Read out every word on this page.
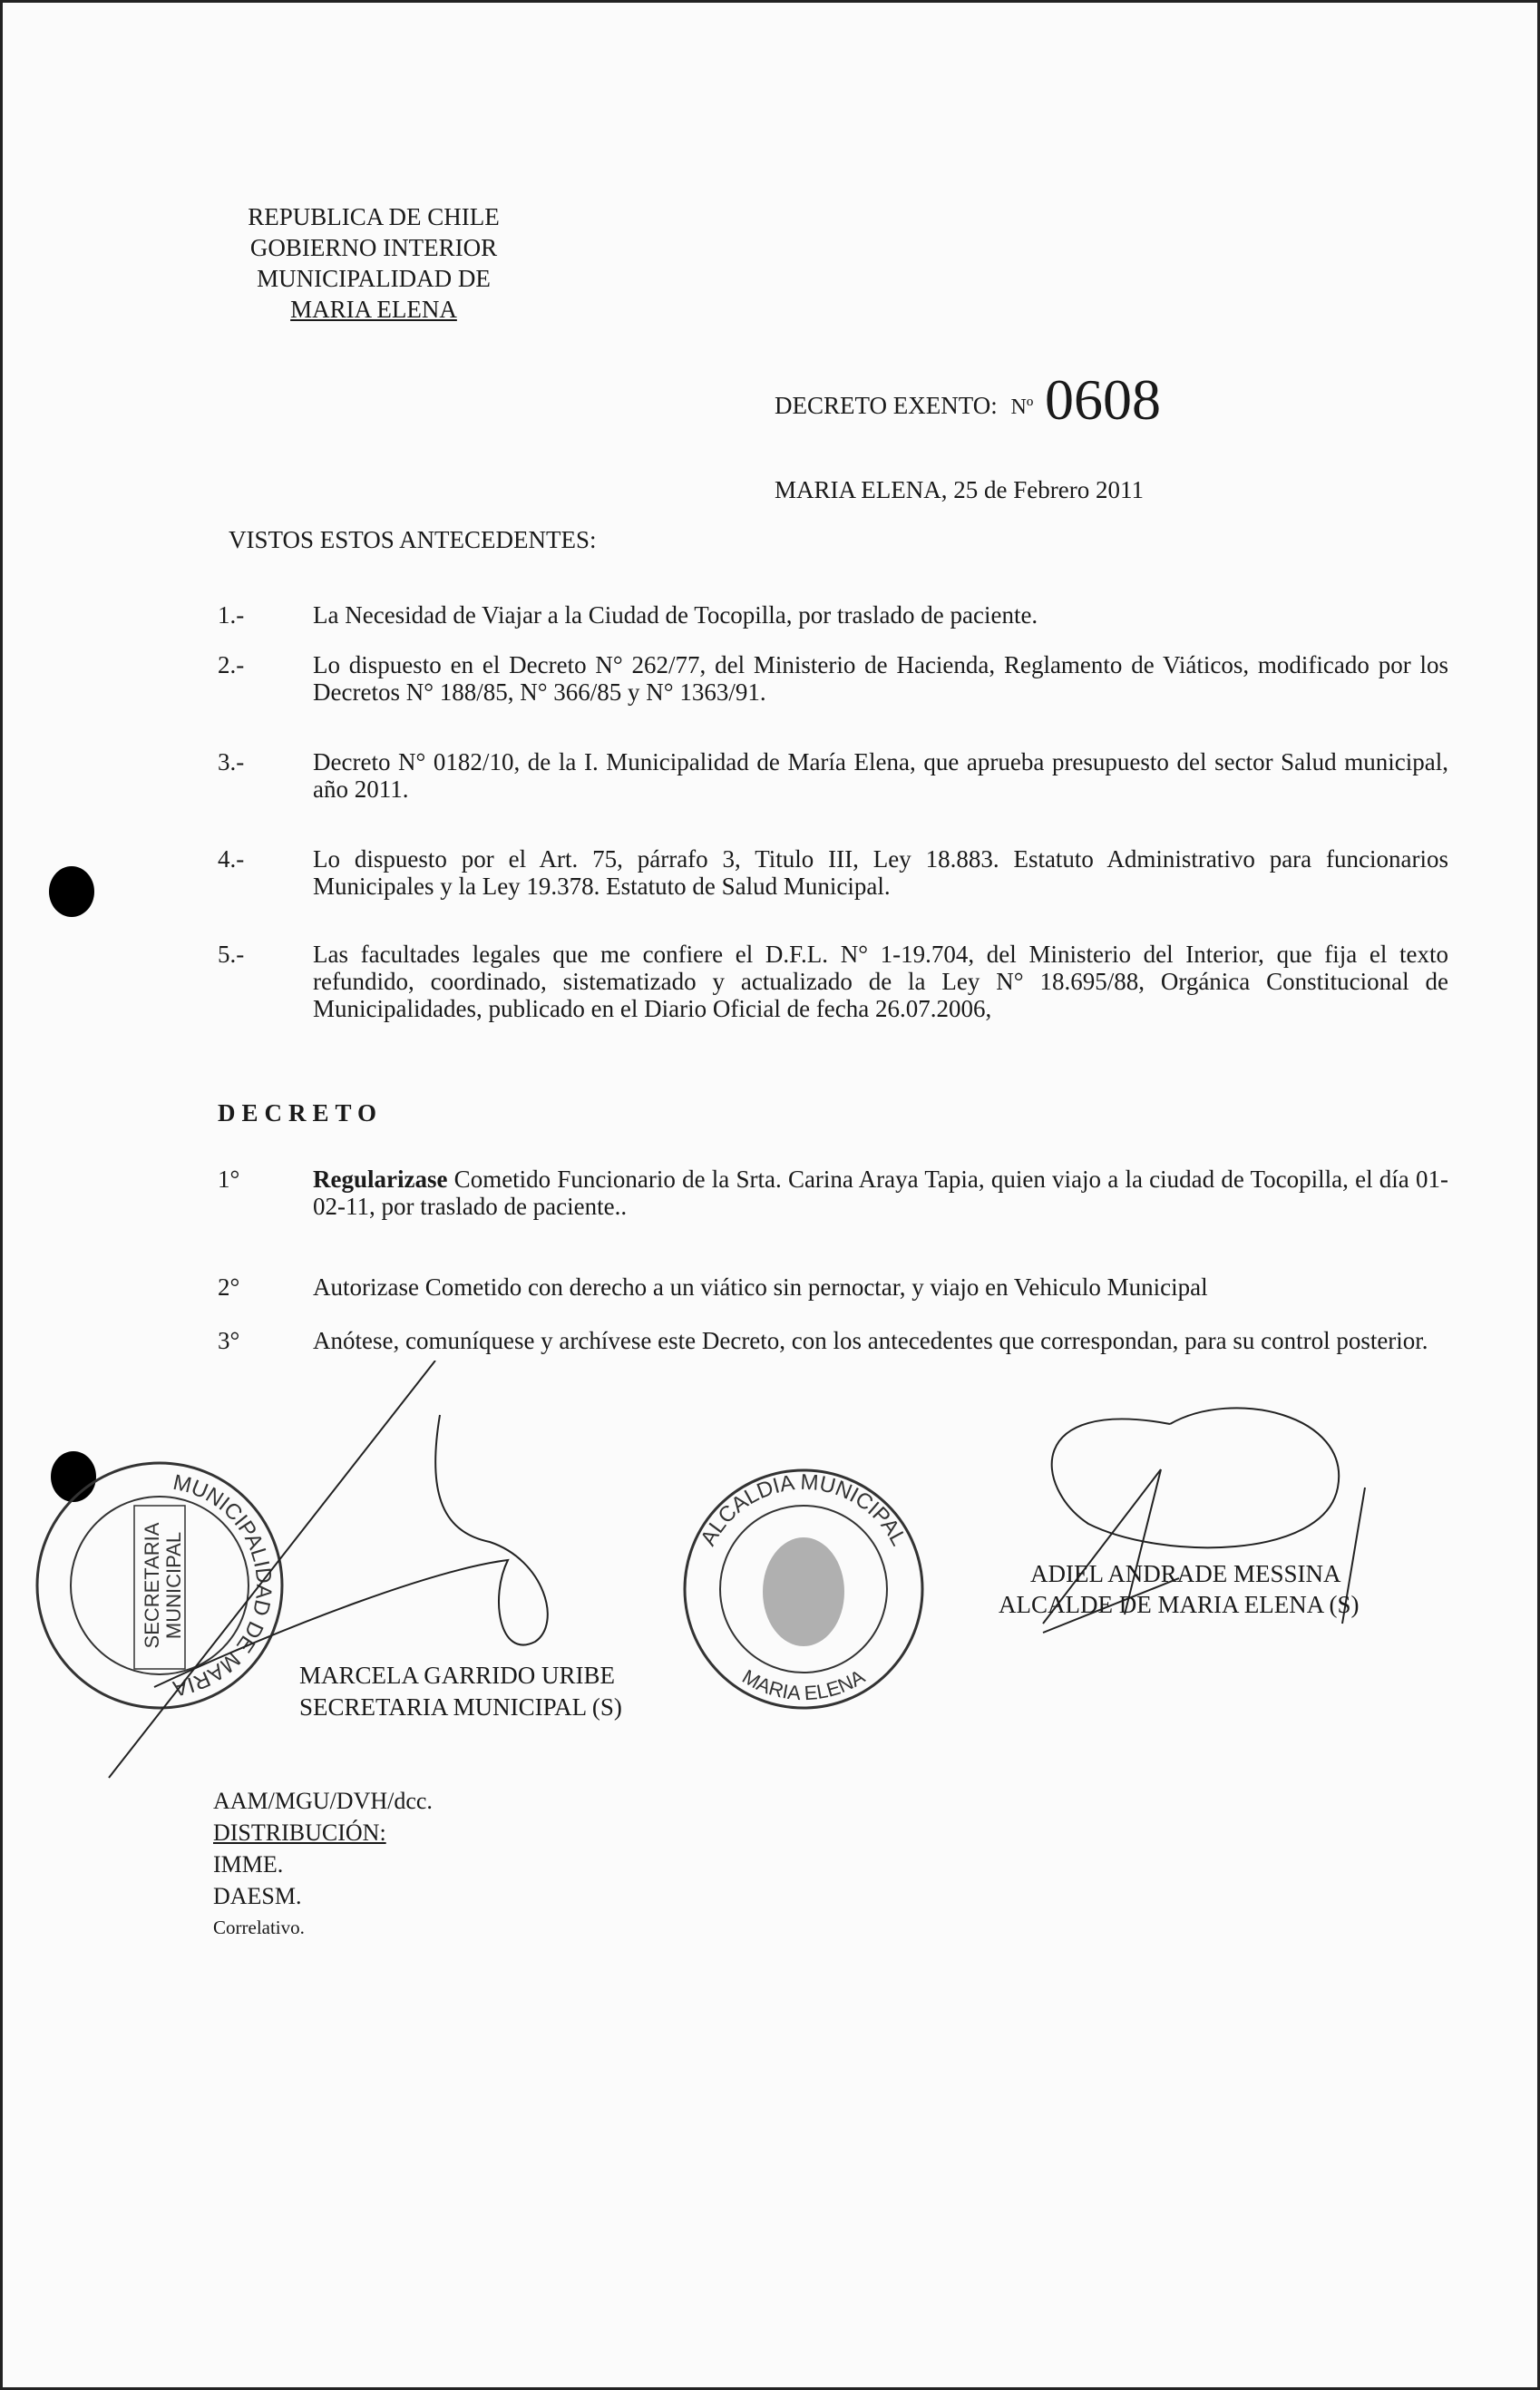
REPUBLICA DE CHILE
GOBIERNO INTERIOR
MUNICIPALIDAD DE
MARIA ELENA
DECRETO EXENTO: Nº 0608
MARIA ELENA, 25 de Febrero 2011
VISTOS ESTOS ANTECEDENTES:
1.-	La Necesidad de Viajar a la Ciudad de Tocopilla, por traslado de paciente.
2.-	Lo dispuesto en el Decreto N° 262/77, del Ministerio de Hacienda, Reglamento de Viáticos, modificado por los Decretos N° 188/85, N° 366/85 y N° 1363/91.
3.-	Decreto N° 0182/10, de la I. Municipalidad de María Elena, que aprueba presupuesto del sector Salud municipal, año 2011.
4.-	Lo dispuesto por el Art. 75, párrafo 3, Titulo III, Ley 18.883. Estatuto Administrativo para funcionarios Municipales y la Ley 19.378. Estatuto de Salud Municipal.
5.-	Las facultades legales que me confiere el D.F.L. N° 1-19.704, del Ministerio del Interior, que fija el texto refundido, coordinado, sistematizado y actualizado de la Ley N° 18.695/88, Orgánica Constitucional de Municipalidades, publicado en el Diario Oficial de fecha 26.07.2006,
DECRETO
1°	Regularizase Cometido Funcionario de la Srta. Carina Araya Tapia, quien viajo a la ciudad de Tocopilla, el día 01-02-11, por traslado de paciente..
2°	Autorizase Cometido con derecho a un viático sin pernoctar, y viajo en Vehiculo Municipal
3°	Anótese, comuníquese y archívese este Decreto, con los antecedentes que correspondan, para su control posterior.
MUNICIPALIDAD DE MARIA
ALCALDIA MUNICIPAL
MARIA ELENA
SECRETARIA MUNICIPAL
MARCELA GARRIDO URIBE
SECRETARIA MUNICIPAL (S)
ADIEL ANDRADE MESSINA
ALCALDE DE MARIA ELENA (S)
AAM/MGU/DVH/dcc.
DISTRIBUCIÓN:
IMME.
DAESM.
Correlativo.
